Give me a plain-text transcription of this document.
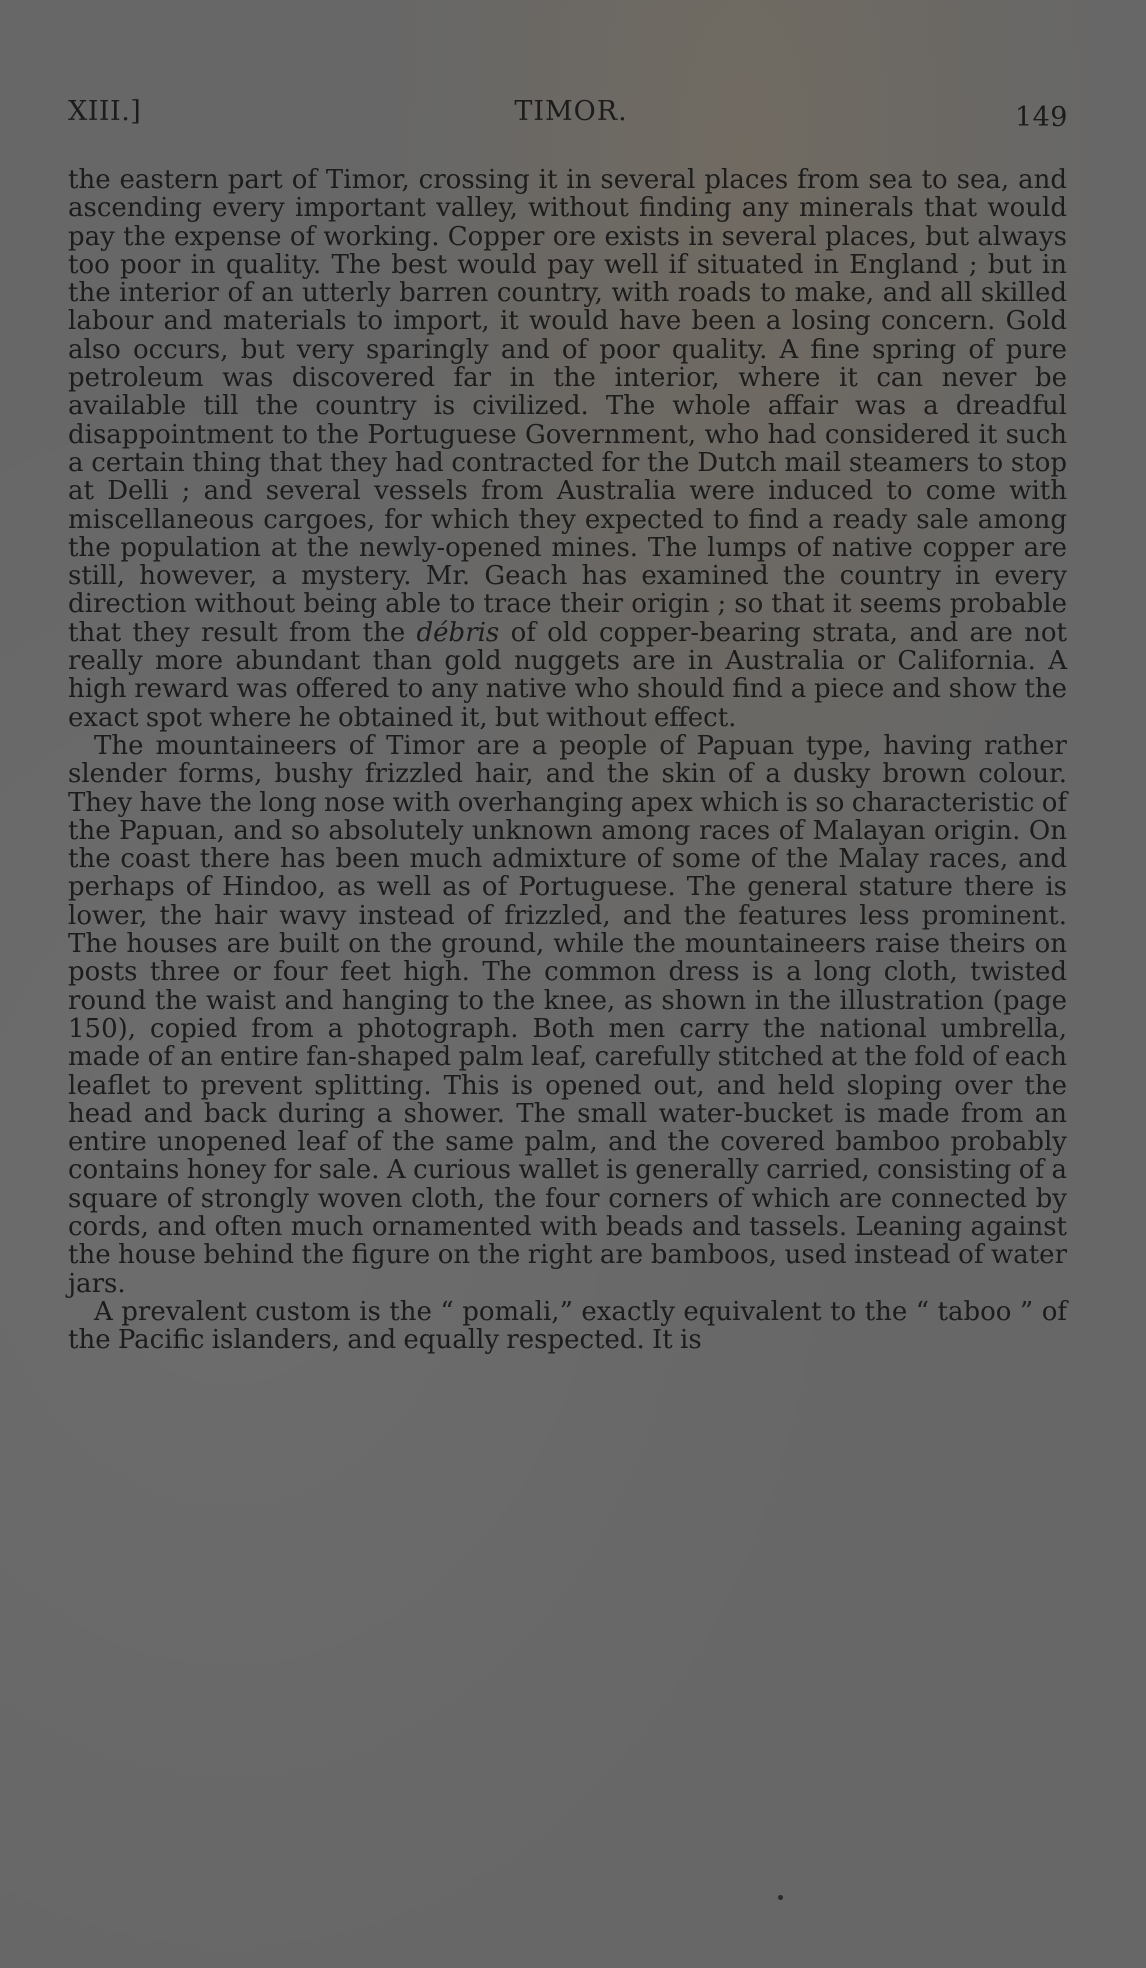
XIII.]	TIMOR.	149

the eastern part of Timor, crossing it in several places from sea to sea, and ascending every important valley, without finding any minerals that would pay the expense of working. Copper ore exists in several places, but always too poor in quality. The best would pay well if situated in England ; but in the interior of an utterly barren country, with roads to make, and all skilled labour and materials to import, it would have been a losing concern. Gold also occurs, but very sparingly and of poor quality. A fine spring of pure petroleum was discovered far in the interior, where it can never be available till the country is civilized. The whole affair was a dreadful disappointment to the Portuguese Government, who had considered it such a certain thing that they had contracted for the Dutch mail steamers to stop at Delli ; and several vessels from Australia were induced to come with miscellaneous cargoes, for which they expected to find a ready sale among the population at the newly-opened mines. The lumps of native copper are still, however, a mystery. Mr. Geach has examined the country in every direction without being able to trace their origin ; so that it seems probable that they result from the débris of old copper-bearing strata, and are not really more abundant than gold nuggets are in Australia or California. A high reward was offered to any native who should find a piece and show the exact spot where he obtained it, but without effect.

The mountaineers of Timor are a people of Papuan type, having rather slender forms, bushy frizzled hair, and the skin of a dusky brown colour. They have the long nose with overhanging apex which is so characteristic of the Papuan, and so absolutely unknown among races of Malayan origin. On the coast there has been much admixture of some of the Malay races, and perhaps of Hindoo, as well as of Portuguese. The general stature there is lower, the hair wavy instead of frizzled, and the features less prominent. The houses are built on the ground, while the mountaineers raise theirs on posts three or four feet high. The common dress is a long cloth, twisted round the waist and hanging to the knee, as shown in the illustration (page 150), copied from a photograph. Both men carry the national umbrella, made of an entire fan-shaped palm leaf, carefully stitched at the fold of each leaflet to prevent splitting. This is opened out, and held sloping over the head and back during a shower. The small water-bucket is made from an entire unopened leaf of the same palm, and the covered bamboo probably contains honey for sale. A curious wallet is generally carried, consisting of a square of strongly woven cloth, the four corners of which are connected by cords, and often much ornamented with beads and tassels. Leaning against the house behind the figure on the right are bamboos, used instead of water jars.

A prevalent custom is the “ pomali,” exactly equivalent to the “ taboo ” of the Pacific islanders, and equally respected. It is
